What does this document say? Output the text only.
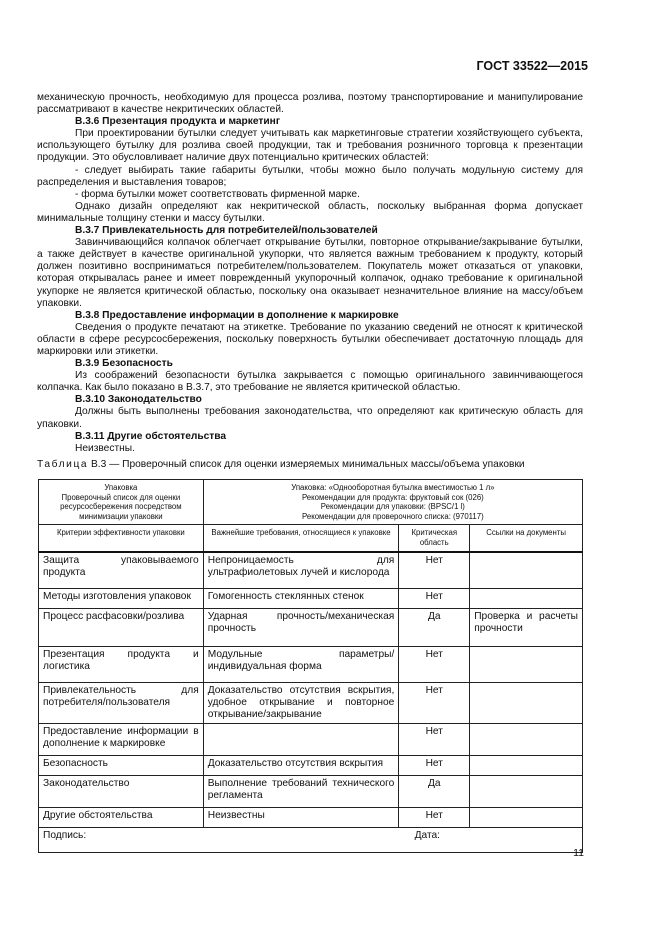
ГОСТ 33522—2015

механическую прочность, необходимую для процесса розлива, поэтому транспортирование и манипулирование рассматривают в качестве некритических областей.

В.3.6 Презентация продукта и маркетинг

При проектировании бутылки следует учитывать как маркетинговые стратегии хозяйствующего субъекта, использующего бутылку для розлива своей продукции, так и требования розничного торговца к презентации продукции. Это обусловливает наличие двух потенциально критических областей:

- следует выбирать такие габариты бутылки, чтобы можно было получать модульную систему для распределения и выставления товаров;

- форма бутылки может соответствовать фирменной марке.

Однако дизайн определяют как некритической область, поскольку выбранная форма допускает минимальные толщину стенки и массу бутылки.

В.3.7 Привлекательность для потребителей/пользователей

Завинчивающийся колпачок облегчает открывание бутылки, повторное открывание/закрывание бутылки, а также действует в качестве оригинальной укупорки, что является важным требованием к продукту, который должен позитивно восприниматься потребителем/пользователем. Покупатель может отказаться от упаковки, которая открывалась ранее и имеет поврежденный укупорочный колпачок, однако требование к оригинальной укупорке не является критической областью, поскольку она оказывает незначительное влияние на массу/объем упаковки.

В.3.8 Предоставление информации в дополнение к маркировке

Сведения о продукте печатают на этикетке. Требование по указанию сведений не относят к критической области в сфере ресурсосбережения, поскольку поверхность бутылки обеспечивает достаточную площадь для маркировки или этикетки.

В.3.9 Безопасность

Из соображений безопасности бутылка закрывается с помощью оригинального завинчивающегося колпачка. Как было показано в В.3.7, это требование не является критической областью.

В.3.10 Законодательство

Должны быть выполнены требования законодательства, что определяют как критическую область для упаковки.

В.3.11 Другие обстоятельства

Неизвестны.

Таблица В.3 — Проверочный список для оценки измеряемых минимальных массы/объема упаковки
Упаковка
Проверочный список для оценки ресурсосбережения посредством минимизации упаковки	Упаковка: «Однооборотная бутылка вместимостью 1 л»
Рекомендации для продукта: фруктовый сок (026)
Рекомендации для упаковки: (BPSC/1 l)
Рекомендации для проверочного списка: (970117)		
Критерии эффективности упаковки	Важнейшие требования, относящиеся к упаковке	Критическая область	Ссылки на документы
Защита упаковываемого продукта	Непроницаемость для ультрафиолетовых лучей и кислорода	Нет	
Методы изготовления упаковок	Гомогенность стеклянных стенок	Нет	
Процесс расфасовки/розлива	Ударная прочность/механическая прочность	Да	Проверка и расчеты прочности
Презентация продукта и логистика	Модульные параметры/индивидуальная форма	Нет	
Привлекательность для потребителя/пользователя	Доказательство отсутствия вскрытия, удобное открывание и повторное открывание/закрывание	Нет	
Предоставление информации в дополнение к маркировке		Нет	
Безопасность	Доказательство отсутствия вскрытия	Нет	
Законодательство	Выполнение требований технического регламента	Да	
Другие обстоятельства	Неизвестны	Нет	

Дата:
Подпись:			
11
